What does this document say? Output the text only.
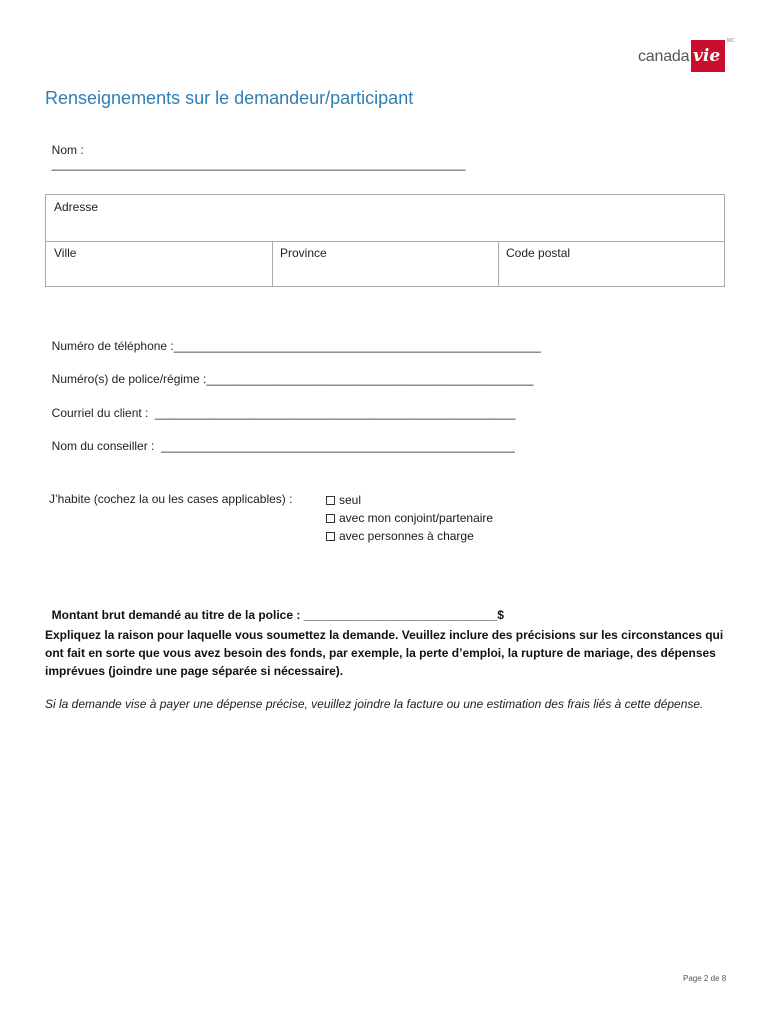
canada vie
MC
Renseignements sur le demandeur/participant

Nom :
______________________________________________________________

Adresse
Ville	Province	Code postal

Numéro de téléphone :_______________________________________________________

Numéro(s) de police/régime :_________________________________________________

Courriel du client :  ______________________________________________________

Nom du conseiller :  _____________________________________________________

J’habite (cochez la ou les cases applicables) :	seul
avec mon conjoint/partenaire
avec personnes à charge

Montant brut demandé au titre de la police : _____________________________$

Expliquez la raison pour laquelle vous soumettez la demande. Veuillez inclure des précisions sur les circonstances qui ont fait en sorte que vous avez besoin des fonds, par exemple, la perte d’emploi, la rupture de mariage, des dépenses imprévues (joindre une page séparée si nécessaire).
Si la demande vise à payer une dépense précise, veuillez joindre la facture ou une estimation des frais liés à cette dépense.
Page 2 de 8
